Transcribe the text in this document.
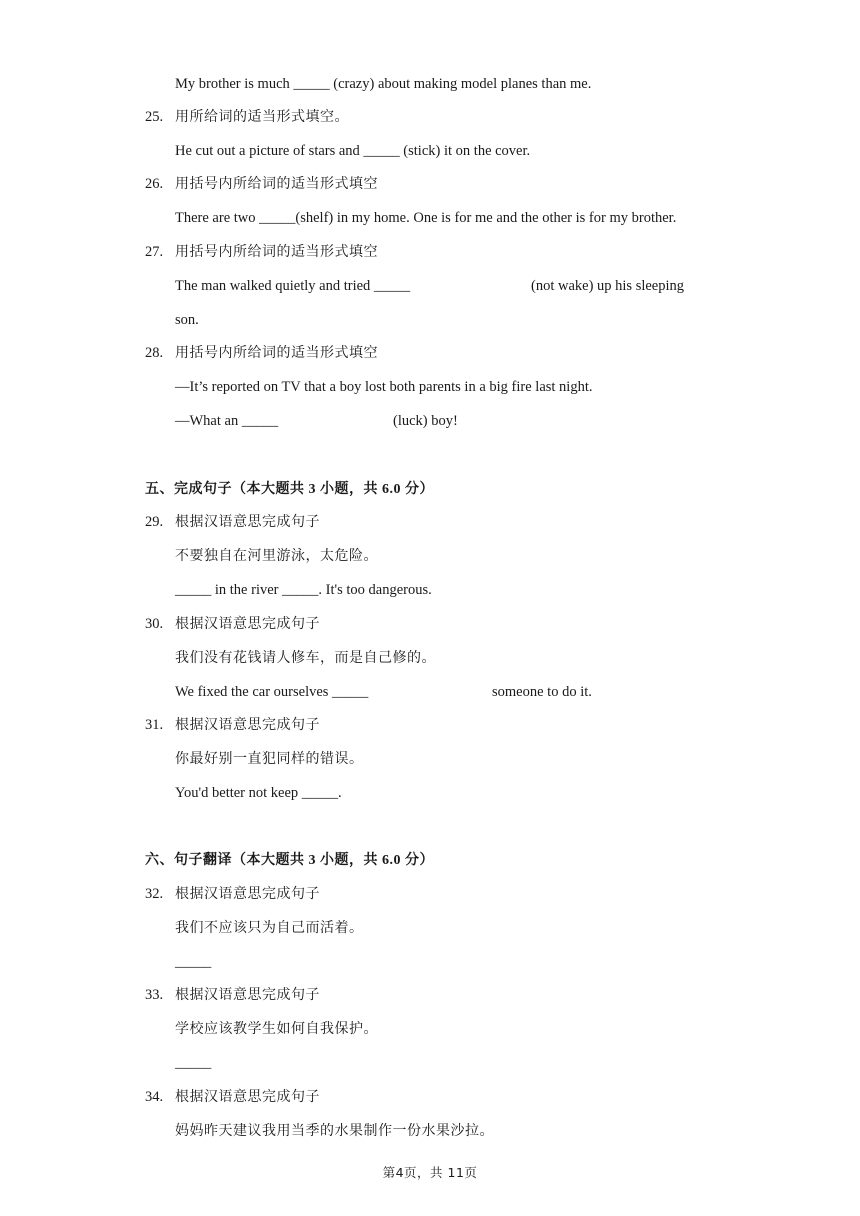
My brother is much _____ (crazy) about making model planes than me.
25. 用所给词的适当形式填空。
He cut out a picture of stars and _____ (stick) it on the cover.
26. 用括号内所给词的适当形式填空
There are two _____(shelf) in my home. One is for me and the other is for my brother.
27. 用括号内所给词的适当形式填空
The man walked quietly and tried _____	(not wake) up his sleeping
son.
28. 用括号内所给词的适当形式填空
—It’s reported on TV that a boy lost both parents in a big fire last night.
—What an _____	(luck) boy!
五、完成句子（本大题共 3 小题，共 6.0 分）
29. 根据汉语意思完成句子
不要独自在河里游泳，太危险。
_____ in the river _____. It's too dangerous.
30. 根据汉语意思完成句子
我们没有花钱请人修车，而是自己修的。
We fixed the car ourselves _____	someone to do it.
31. 根据汉语意思完成句子
你最好别一直犯同样的错误。
You'd better not keep _____.
六、句子翻译（本大题共 3 小题，共 6.0 分）
32. 根据汉语意思完成句子
我们不应该只为自己而活着。
_____
33. 根据汉语意思完成句子
学校应该教学生如何自我保护。
_____
34. 根据汉语意思完成句子
妈妈昨天建议我用当季的水果制作一份水果沙拉。
第4页，共 11页
